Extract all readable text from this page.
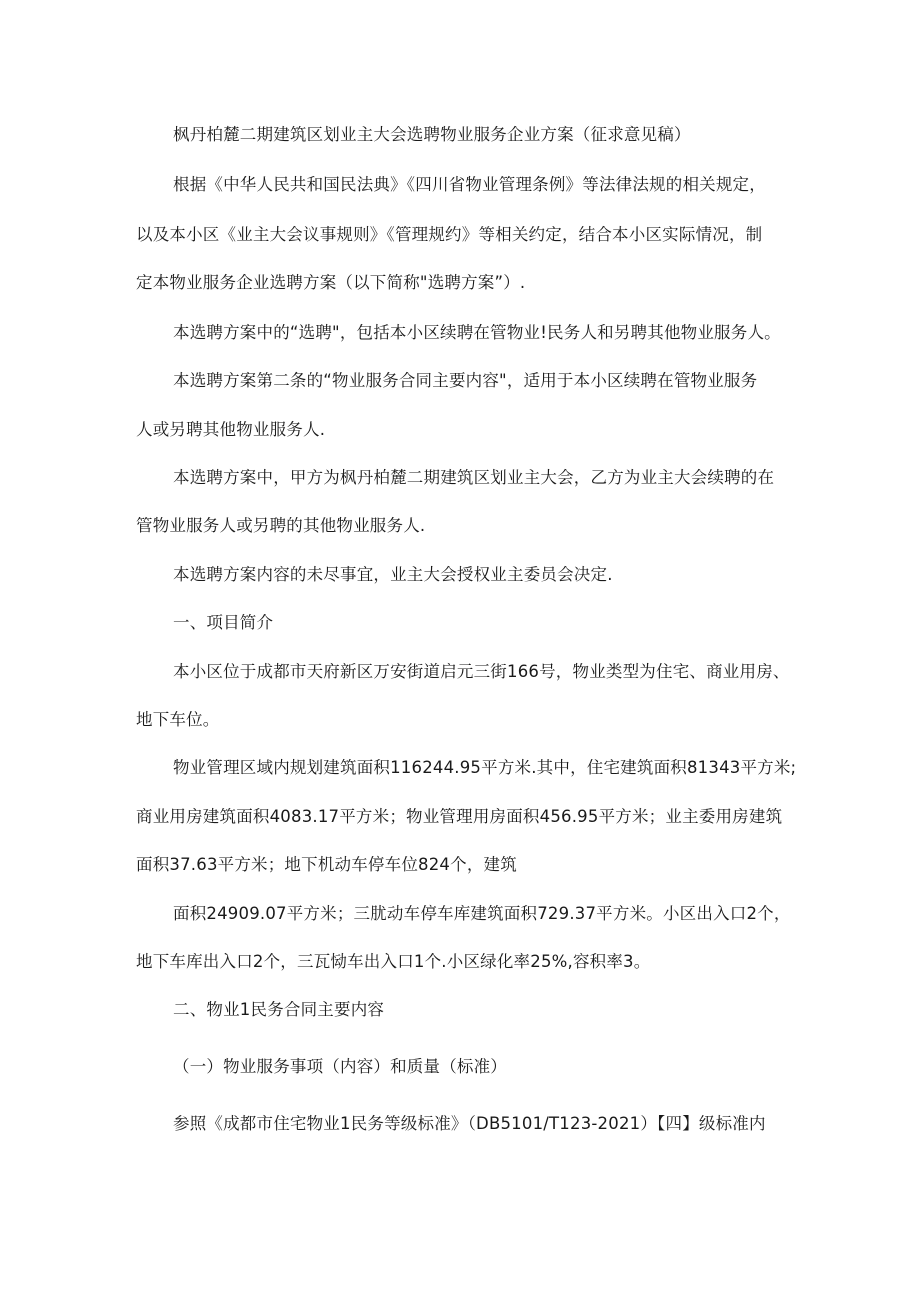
枫丹柏麓二期建筑区划业主大会选聘物业服务企业方案（征求意见稿）
根据《中华人民共和国民法典》《四川省物业管理条例》等法律法规的相关规定，
以及本小区《业主大会议事规则》《管理规约》等相关约定，结合本小区实际情况，制
定本物业服务企业选聘方案（以下简称"选聘方案”）.
本选聘方案中的“选聘"，包括本小区续聘在管物业!民务人和另聘其他物业服务人。
本选聘方案第二条的“物业服务合同主要内容"，适用于本小区续聘在管物业服务
人或另聘其他物业服务人.
本选聘方案中，甲方为枫丹柏麓二期建筑区划业主大会，乙方为业主大会续聘的在
管物业服务人或另聘的其他物业服务人.
本选聘方案内容的未尽事宜，业主大会授权业主委员会决定.
一、项目简介
本小区位于成都市天府新区万安街道启元三街166号，物业类型为住宅、商业用房、
地下车位。
物业管理区域内规划建筑面积116244.95平方米.其中，住宅建筑面积81343平方米;
商业用房建筑面积4083.17平方米；物业管理用房面积456.95平方米；业主委用房建筑
面积37.63平方米；地下机动车停车位824个，建筑
面积24909.07平方米；三肬动车停车库建筑面积729.37平方米。小区出入口2个，
地下车库出入口2个，三瓦恸车出入口1个.小区绿化率25%,容积率3。
二、物业1民务合同主要内容
（一）物业服务事项（内容）和质量（标准）
参照《成都市住宅物业1民务等级标准》（DB5101/T123-2021）【四】级标准内
